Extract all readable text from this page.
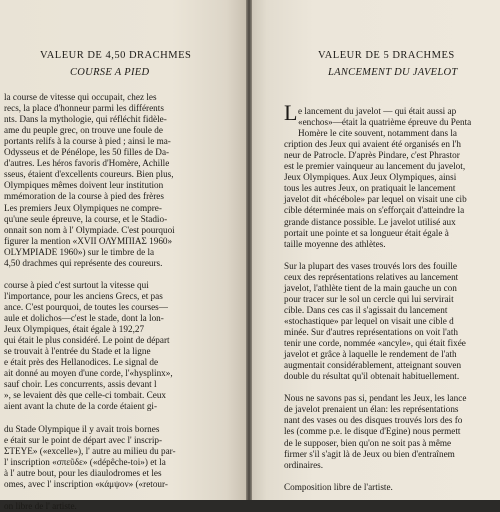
VALEUR DE 4,50 DRACHMES
COURSE A PIED
la course de vitesse qui occupait, chez les
recs, la place d'honneur parmi les différents
nts. Dans la mythologie, qui réfléchit fidèle-
ame du peuple grec, on trouve une foule de
portants relifs à la course à pied ; ainsi le ma-
Odysseus et de Pénélope, les 50 filles de Da-
d'autres. Les héros favoris d'Homère, Achille
sseus, étaient d'excellents coureurs. Bien plus,
Olympiques mêmes doivent leur institution
mmémoration de la course à pied des frères
Les premiers Jeux Olympiques ne compre-
qu'une seule épreuve, la course, et le Stadio-
onnait son nom à l' Olympiade. C'est pourquoi
figurer la mention «XVII ΟΛΥΜΠΙΑΣ 1960»
OLYMPIADE 1960») sur le timbre de la
4,50 drachmes qui représente des coureurs.
course à pied c'est surtout la vitesse qui
l'importance, pour les anciens Grecs, et pas
ance. C'est pourquoi, de toutes les courses—
aule et dolichos—c'est le stade, dont la lon-
Jeux Olympiques, était égale à 192,27
qui était le plus considéré. Le point de départ
se trouvait à l'entrée du Stade et la ligne
e était près des Hellanodices. Le signal de
ait donné au moyen d'une corde, l'«hysplinx»,
sauf choir. Les concurrents, assis devant l
», se levaient dès que celle-ci tombait. Ceux
aient avant la chute de la corde étaient gi-
du Stade Olympique il y avait trois bornes
e était sur le point de départ avec l' inscrip-
ΣΤΕΥΕ» («excelle»), l' autre au milieu du par-
l' inscription «σπεῦδε» («dépêche-toi») et la
à l' autre bout, pour les diaulodromes et les
omes, avec l' inscription «κάμψον» («retour-
on libre de l' artiste.
VALEUR DE 5 DRACHMES
LANCEMENT DU JAVELOT
L e lancement du javelot — qui était aussi ap
«enchos»—était la quatrième épreuve du Penta
Homère le cite souvent, notamment dans la
cription des Jeux qui avaient été organisés en l'h
neur de Patrocle. D'après Pindare, c'est Phrastor
est le premier vainqueur au lancement du javelot,
Jeux Olympiques. Aux Jeux Olympiques, ainsi
tous les autres Jeux, on pratiquait le lancement
javelot dit «hécébole» par lequel on visait une cib
cible déterminée mais on s'efforçait d'atteindre la
grande distance possible. Le javelot utilisé aux
portait une pointe et sa longueur était égale à
taille moyenne des athlètes.
Sur la plupart des vases trouvés lors des fouille
ceux des représentations relatives au lancement
javelot, l'athlète tient de la main gauche un con
pour tracer sur le sol un cercle qui lui servirait
cible. Dans ces cas il s'agissait du lancement
«stochastique» par lequel on visait une cible d
minée. Sur d'autres représentations on voit l'ath
tenir une corde, nommée «ancyle», qui était fixée
javelot et grâce à laquelle le rendement de l'ath
augmentait considérablement, atteignant souven
double du résultat qu'il obtenait habituellement.
Nous ne savons pas si, pendant les Jeux, les lance
de javelot prenaient un élan: les représentations
nant des vases ou des disques trouvés lors des fo
les (comme p.e. le disque d'Egine) nous permett
de le supposer, bien qu'on ne soit pas à même
firmer s'il s'agit là de Jeux ou bien d'entraînem
ordinaires.
Composition libre de l'artiste.
